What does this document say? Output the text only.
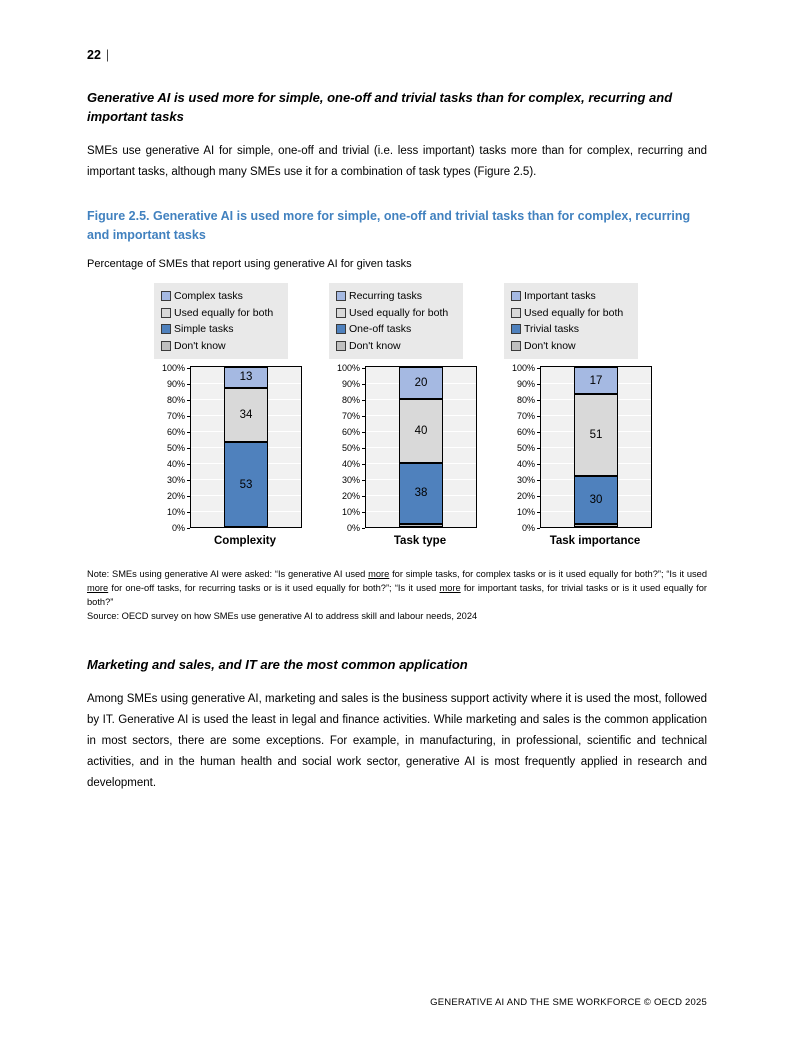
22 |
Generative AI is used more for simple, one-off and trivial tasks than for complex, recurring and important tasks

SMEs use generative AI for simple, one-off and trivial (i.e. less important) tasks more than for complex, recurring and important tasks, although many SMEs use it for a combination of task types (Figure 2.5).

Figure 2.5. Generative AI is used more for simple, one-off and trivial tasks than for complex, recurring and important tasks
Percentage of SMEs that report using generative AI for given tasks
Complex tasks
Used equally for both
Simple tasks
Don't know
0%
10%
20%
30%
40%
50%
60%
70%
80%
90%
100%
53
34
13
Complexity
Recurring tasks
Used equally for both
One-off tasks
Don't know
0%
10%
20%
30%
40%
50%
60%
70%
80%
90%
100%
38
40
20
Task type
Important tasks
Used equally for both
Trivial tasks
Don't know
0%
10%
20%
30%
40%
50%
60%
70%
80%
90%
100%
30
51
17
Task importance
Note: SMEs using generative AI were asked: “Is generative AI used more for simple tasks, for complex tasks or is it used equally for both?”; “Is it used more for one-off tasks, for recurring tasks or is it used equally for both?”; “Is it used more for important tasks, for trivial tasks or is it used equally for both?”
Source: OECD survey on how SMEs use generative AI to address skill and labour needs, 2024
Marketing and sales, and IT are the most common application

Among SMEs using generative AI, marketing and sales is the business support activity where it is used the most, followed by IT. Generative AI is used the least in legal and finance activities. While marketing and sales is the common application in most sectors, there are some exceptions. For example, in manufacturing, in professional, scientific and technical activities, and in the human health and social work sector, generative AI is most frequently applied in research and development.

GENERATIVE AI AND THE SME WORKFORCE © OECD 2025
